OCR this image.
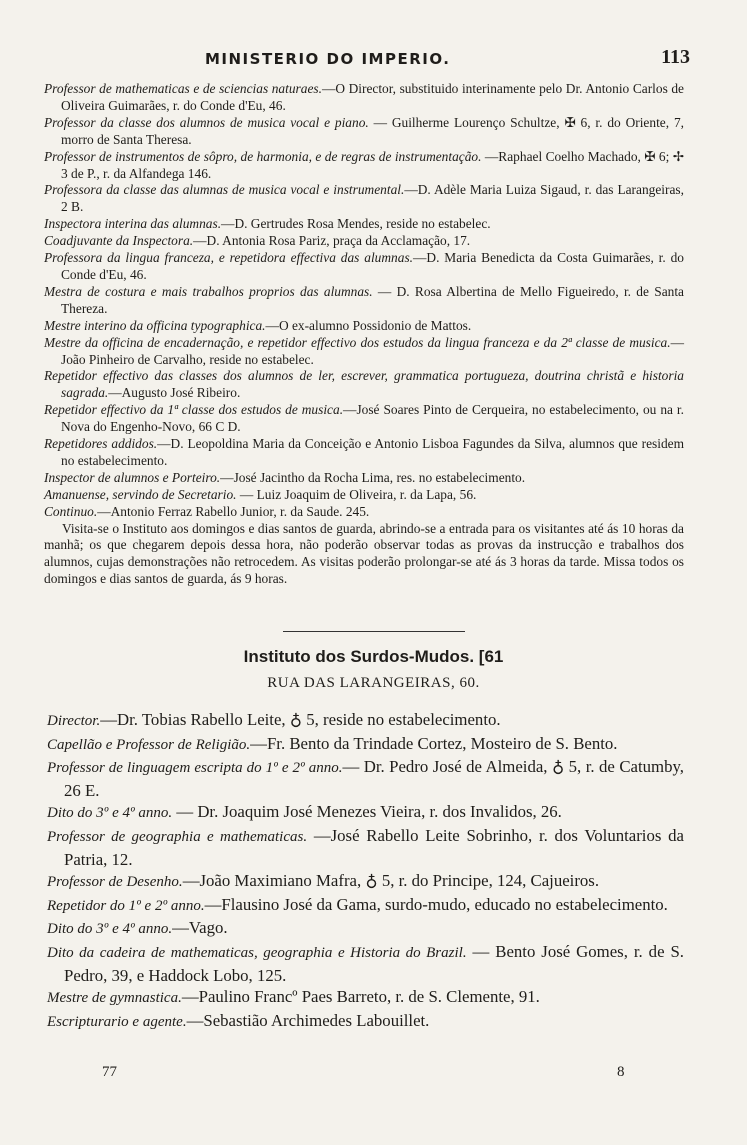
MINISTERIO DO IMPERIO.	113

Professor de mathematicas e de sciencias naturaes.—O Director, substituido interinamente pelo Dr. Antonio Carlos de Oliveira Guimarães, r. do Conde d'Eu, 46.

Professor da classe dos alumnos de musica vocal e piano. — Guilherme Lourenço Schultze, ✠ 6, r. do Oriente, 7, morro de Santa Theresa.

Professor de instrumentos de sôpro, de harmonia, e de regras de instrumentação. —Raphael Coelho Machado, ✠ 6; ✢ 3 de P., r. da Alfandega 146.

Professora da classe das alumnas de musica vocal e instrumental.—D. Adèle Maria Luiza Sigaud, r. das Larangeiras, 2 B.

Inspectora interina das alumnas.—D. Gertrudes Rosa Mendes, reside no estabelec.

Coadjuvante da Inspectora.—D. Antonia Rosa Pariz, praça da Acclamação, 17.

Professora da lingua franceza, e repetidora effectiva das alumnas.—D. Maria Benedicta da Costa Guimarães, r. do Conde d'Eu, 46.

Mestra de costura e mais trabalhos proprios das alumnas. — D. Rosa Albertina de Mello Figueiredo, r. de Santa Thereza.

Mestre interino da officina typographica.—O ex-alumno Possidonio de Mattos.

Mestre da officina de encadernação, e repetidor effectivo dos estudos da lingua franceza e da 2ª classe de musica.—João Pinheiro de Carvalho, reside no estabelec.

Repetidor effectivo das classes dos alumnos de ler, escrever, grammatica portugueza, doutrina christã e historia sagrada.—Augusto José Ribeiro.

Repetidor effectivo da 1ª classe dos estudos de musica.—José Soares Pinto de Cerqueira, no estabelecimento, ou na r. Nova do Engenho-Novo, 66 C D.

Repetidores addidos.—D. Leopoldina Maria da Conceição e Antonio Lisboa Fagundes da Silva, alumnos que residem no estabelecimento.

Inspector de alumnos e Porteiro.—José Jacintho da Rocha Lima, res. no estabelecimento.

Amanuense, servindo de Secretario. — Luiz Joaquim de Oliveira, r. da Lapa, 56.

Continuo.—Antonio Ferraz Rabello Junior, r. da Saude. 245.

Visita-se o Instituto aos domingos e dias santos de guarda, abrindo-se a entrada para os visitantes até ás 10 horas da manhã; os que chegarem depois dessa hora, não poderão observar todas as provas da instrucção e trabalhos dos alumnos, cujas demonstrações não retrocedem. As visitas poderão prolongar-se até ás 3 horas da tarde. Missa todos os domingos e dias santos de guarda, ás 9 horas.

Instituto dos Surdos-Mudos. [61
RUA DAS LARANGEIRAS, 60.

Director.—Dr. Tobias Rabello Leite, ♁ 5, reside no estabelecimento.

Capellão e Professor de Religião.—Fr. Bento da Trindade Cortez, Mosteiro de S. Bento.

Professor de linguagem escripta do 1º e 2º anno.— Dr. Pedro José de Almeida, ♁ 5, r. de Catumby, 26 E.

Dito do 3º e 4º anno. — Dr. Joaquim José Menezes Vieira, r. dos Invalidos, 26.

Professor de geographia e mathematicas. —José Rabello Leite Sobrinho, r. dos Voluntarios da Patria, 12.

Professor de Desenho.—João Maximiano Mafra, ♁ 5, r. do Principe, 124, Cajueiros.

Repetidor do 1º e 2º anno.—Flausino José da Gama, surdo-mudo, educado no estabelecimento.

Dito do 3º e 4º anno.—Vago.

Dito da cadeira de mathematicas, geographia e Historia do Brazil. — Bento José Gomes, r. de S. Pedro, 39, e Haddock Lobo, 125.

Mestre de gymnastica.—Paulino Francº Paes Barreto, r. de S. Clemente, 91.

Escripturario e agente.—Sebastião Archimedes Labouillet.

77	8
